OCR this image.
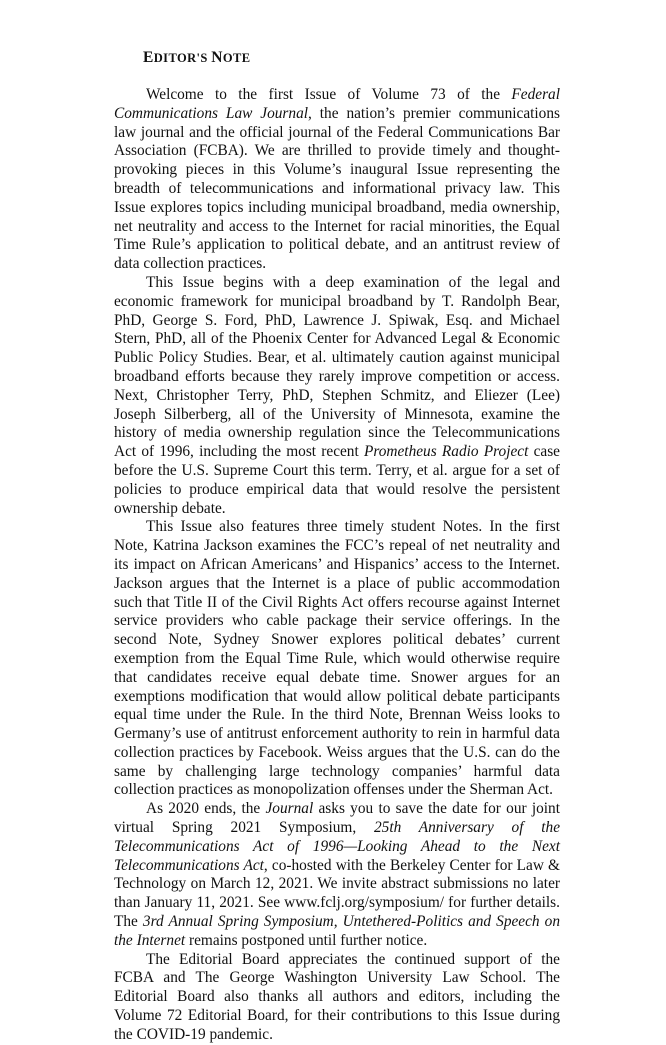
EDITOR'S NOTE

Welcome to the first Issue of Volume 73 of the Federal Communications Law Journal, the nation’s premier communications law journal and the official journal of the Federal Communications Bar Association (FCBA). We are thrilled to provide timely and thought-provoking pieces in this Volume’s inaugural Issue representing the breadth of telecommunications and informational privacy law. This Issue explores topics including municipal broadband, media ownership, net neutrality and access to the Internet for racial minorities, the Equal Time Rule’s application to political debate, and an antitrust review of data collection practices.

This Issue begins with a deep examination of the legal and economic framework for municipal broadband by T. Randolph Bear, PhD, George S. Ford, PhD, Lawrence J. Spiwak, Esq. and Michael Stern, PhD, all of the Phoenix Center for Advanced Legal & Economic Public Policy Studies. Bear, et al. ultimately caution against municipal broadband efforts because they rarely improve competition or access. Next, Christopher Terry, PhD, Stephen Schmitz, and Eliezer (Lee) Joseph Silberberg, all of the University of Minnesota, examine the history of media ownership regulation since the Telecommunications Act of 1996, including the most recent Prometheus Radio Project case before the U.S. Supreme Court this term. Terry, et al. argue for a set of policies to produce empirical data that would resolve the persistent ownership debate.

This Issue also features three timely student Notes. In the first Note, Katrina Jackson examines the FCC’s repeal of net neutrality and its impact on African Americans’ and Hispanics’ access to the Internet. Jackson argues that the Internet is a place of public accommodation such that Title II of the Civil Rights Act offers recourse against Internet service providers who cable package their service offerings. In the second Note, Sydney Snower explores political debates’ current exemption from the Equal Time Rule, which would otherwise require that candidates receive equal debate time. Snower argues for an exemptions modification that would allow political debate participants equal time under the Rule. In the third Note, Brennan Weiss looks to Germany’s use of antitrust enforcement authority to rein in harmful data collection practices by Facebook. Weiss argues that the U.S. can do the same by challenging large technology companies’ harmful data collection practices as monopolization offenses under the Sherman Act.

As 2020 ends, the Journal asks you to save the date for our joint virtual Spring 2021 Symposium, 25th Anniversary of the Telecommunications Act of 1996—Looking Ahead to the Next Telecommunications Act, co-hosted with the Berkeley Center for Law & Technology on March 12, 2021. We invite abstract submissions no later than January 11, 2021. See www.fclj.org/symposium/ for further details. The 3rd Annual Spring Symposium, Untethered-Politics and Speech on the Internet remains postponed until further notice.

The Editorial Board appreciates the continued support of the FCBA and The George Washington University Law School. The Editorial Board also thanks all authors and editors, including the Volume 72 Editorial Board, for their contributions to this Issue during the COVID-19 pandemic.
